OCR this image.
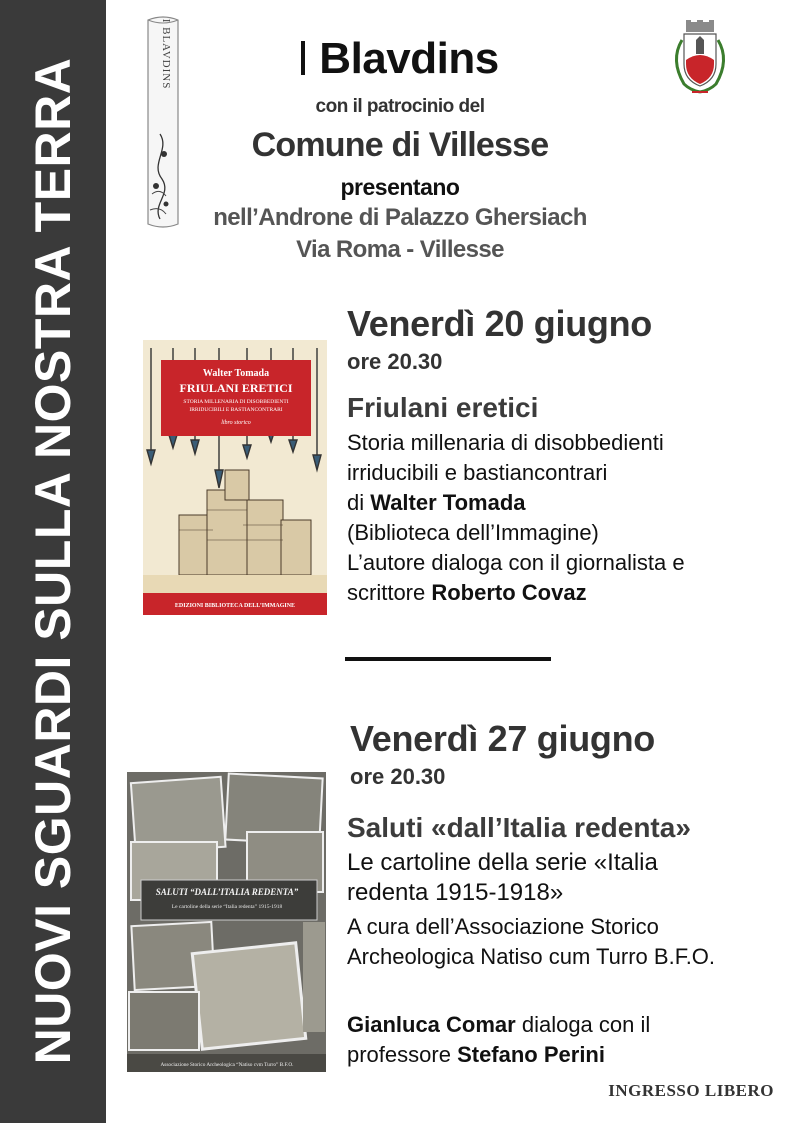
NUOVI SGUARDI SULLA NOSTRA TERRA
I BLAVDINS	Blavdins
con il patrocinio del
Comune di Villesse
presentano
nell’Androne di Palazzo Ghersiach
Via Roma - Villesse
Walter Tomada
FRIULANI ERETICI
STORIA MILLENARIA DI DISOBBEDIENTI
IRRIDUCIBILI E BASTIANCONTRARI
libro storico
EDIZIONI BIBLIOTECA DELL’IMMAGINE
Venerdì 20 giugno
ore 20.30
Friulani eretici
Storia millenaria di disobbedienti
irriducibili e bastiancontrari
di Walter Tomada
(Biblioteca dell’Immagine)
L’autore dialoga con il giornalista e
scrittore Roberto Covaz
SALUTI “DALL’ITALIA REDENTA”
Le cartoline della serie “Italia redenta” 1915-1918
Associazione Storico Archeologica “Natiso cvm Turro” B.F.O.
Venerdì 27 giugno
ore 20.30
Saluti «dall’Italia redenta»
Le cartoline della serie «Italia
redenta 1915-1918»
A cura dell’Associazione Storico
Archeologica Natiso cum Turro B.F.O.
Gianluca Comar dialoga con il
professore Stefano Perini
INGRESSO LIBERO
